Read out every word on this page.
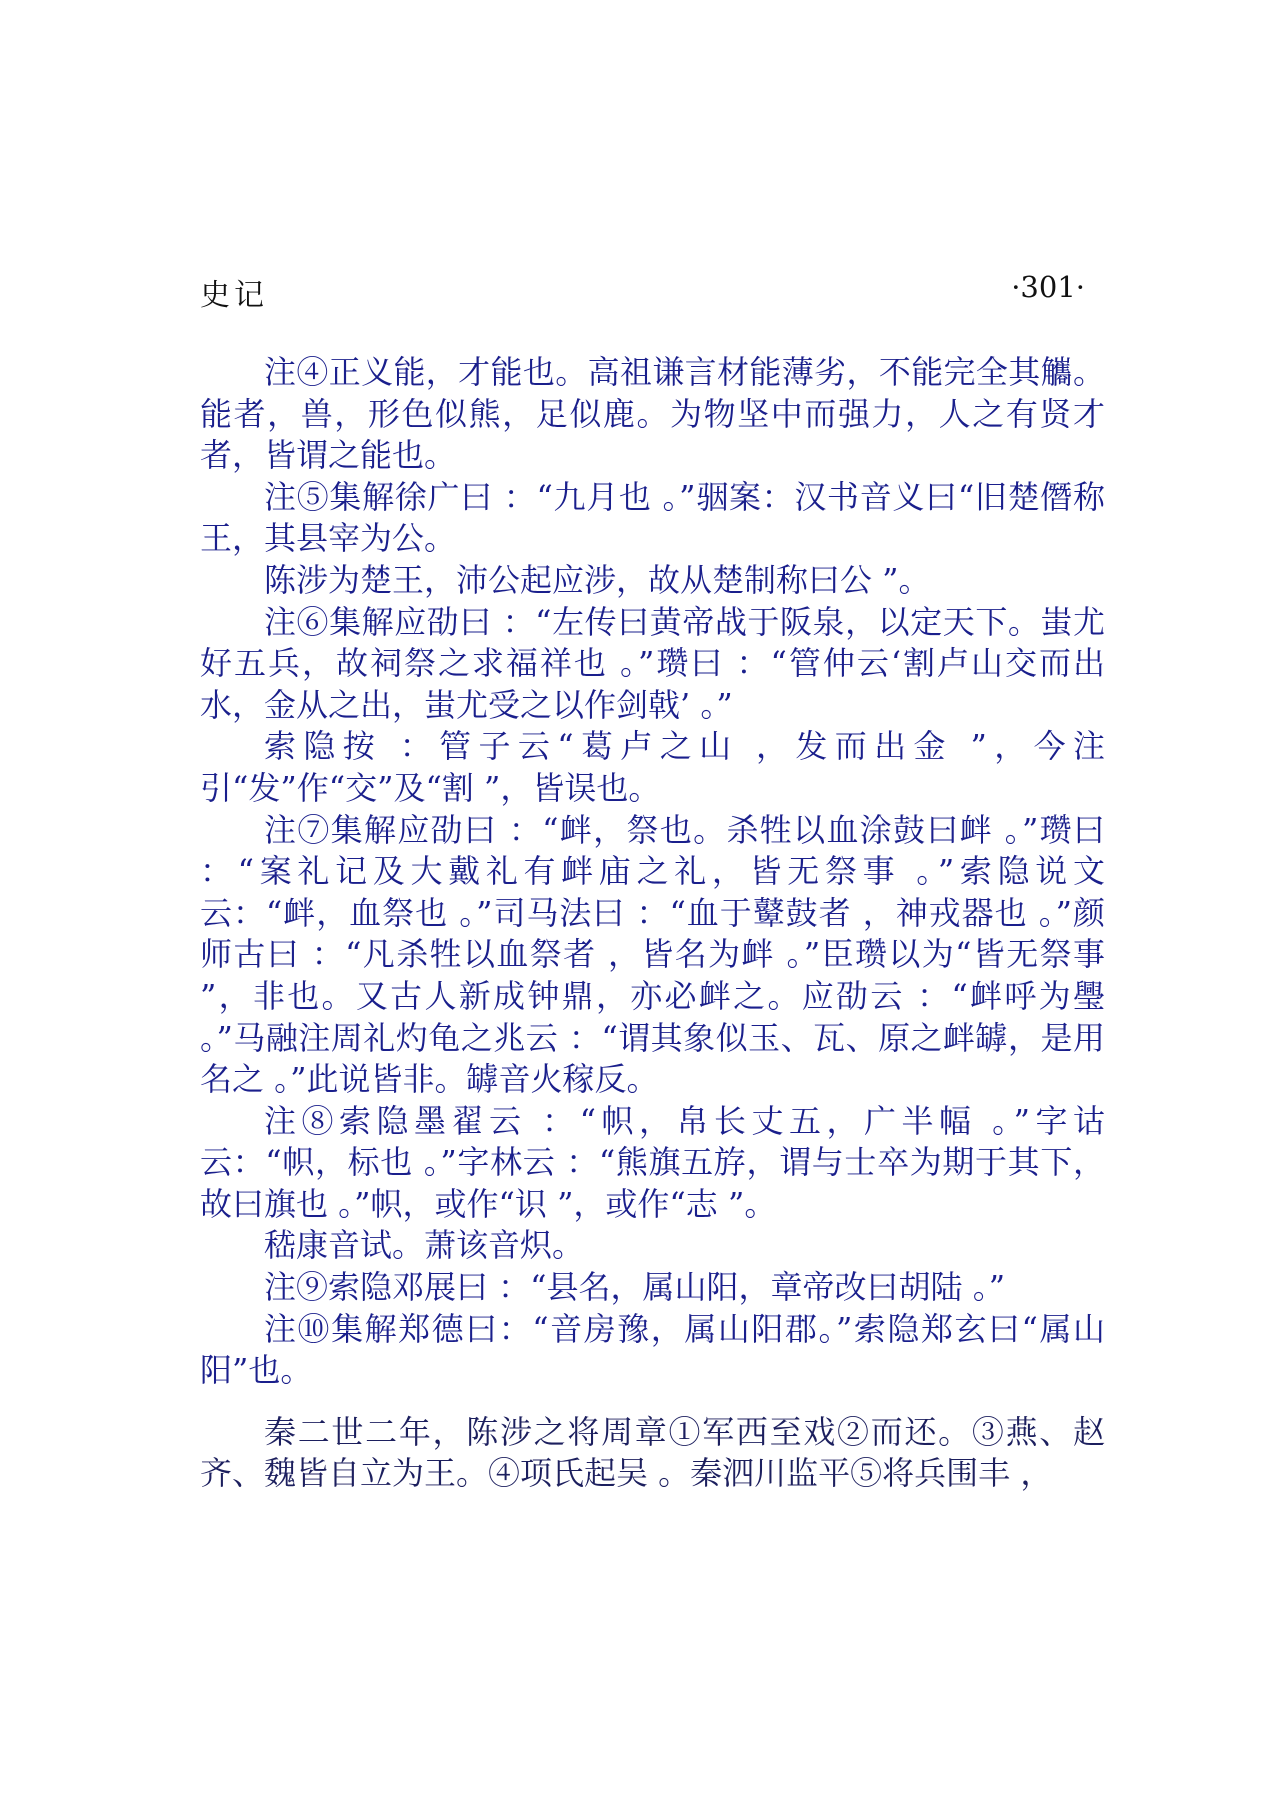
史记	·301·

注④正义能，才能也。高祖谦言材能薄劣，不能完全其觿。能者，兽，形色似熊，足似鹿。为物坚中而强力，人之有贤才者，皆谓之能也。

注⑤集解徐广曰 ：“九月也 。”骃案：汉书音义曰“旧楚僭称王，其县宰为公。

陈涉为楚王，沛公起应涉，故从楚制称曰公 ”。

注⑥集解应劭曰 ：“左传曰黄帝战于阪泉，以定天下。蚩尤好五兵，故祠祭之求福祥也 。”瓒曰 ：“管仲云‘割卢山交而出水，金从之出，蚩尤受之以作剑戟’ 。”

索隐按 ：管子云“葛卢之山 ，发而出金 ”，今注引“发”作“交”及“割 ”，皆误也。

注⑦集解应劭曰 ：“衅，祭也。杀牲以血涂鼓曰衅 。”瓒曰 ：“案礼记及大戴礼有衅庙之礼，皆无祭事 。”索隐说文云：“衅，血祭也 。”司马法曰 ：“血于鼙鼓者 ，神戎器也 。”颜师古曰 ：“凡杀牲以血祭者 ，皆名为衅 。”臣瓒以为“皆无祭事 ”，非也。又古人新成钟鼎，亦必衅之。应劭云 ：“衅呼为璺 。”马融注周礼灼龟之兆云 ：“谓其象似玉、瓦、原之衅罅，是用名之 。”此说皆非。罅音火稼反。

注⑧索隐墨翟云 ：“帜，帛长丈五，广半幅 。”字诂云：“帜，标也 。”字林云 ：“熊旗五斿，谓与士卒为期于其下，故曰旗也 。”帜，或作“识 ”，或作“志 ”。

嵇康音试。萧该音炽。

注⑨索隐邓展曰 ：“县名，属山阳，章帝改曰胡陆 。”

注⑩集解郑德曰：“音房豫，属山阳郡。”索隐郑玄曰“属山阳”也。

秦二世二年，陈涉之将周章①军西至戏②而还。③燕、赵齐、魏皆自立为王。④项氏起吴 。秦泗川监平⑤将兵围丰 ，
